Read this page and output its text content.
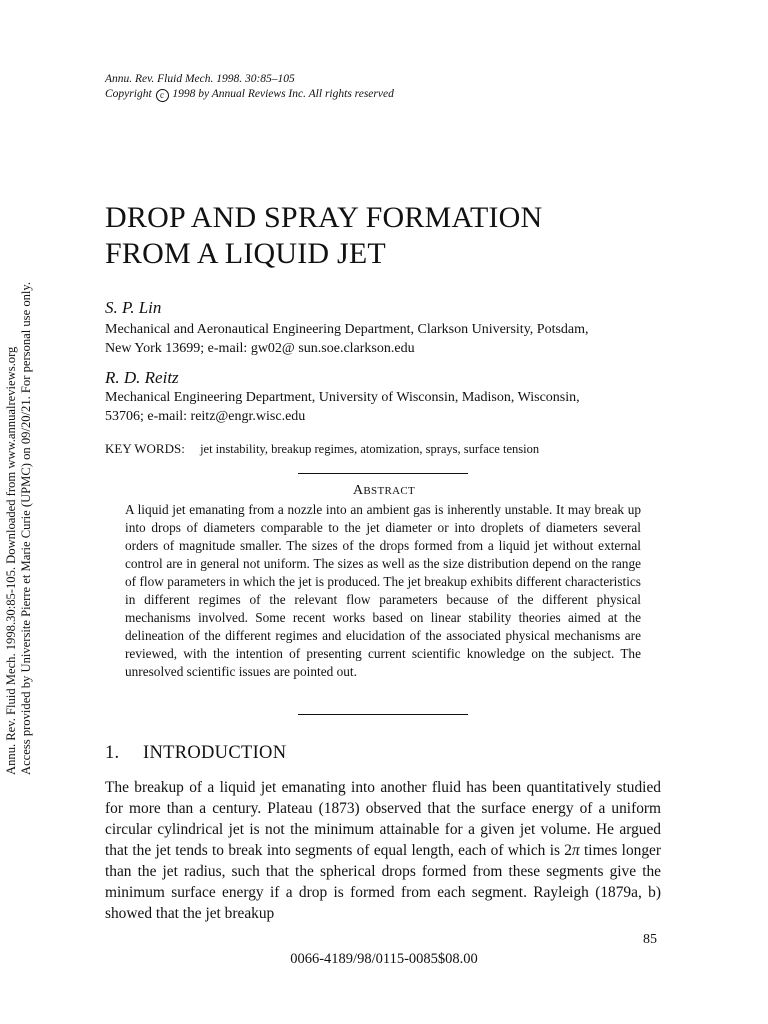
Annu. Rev. Fluid Mech. 1998.30:85-105. Downloaded from www.annualreviews.org Access provided by Universite Pierre et Marie Curie (UPMC) on 09/20/21. For personal use only.
Annu. Rev. Fluid Mech. 1998. 30:85–105
Copyright c 1998 by Annual Reviews Inc. All rights reserved
DROP AND SPRAY FORMATION
FROM A LIQUID JET
S. P. Lin
Mechanical and Aeronautical Engineering Department, Clarkson University, Potsdam,
New York 13699; e-mail: gw02@ sun.soe.clarkson.edu
R. D. Reitz
Mechanical Engineering Department, University of Wisconsin, Madison, Wisconsin,
53706; e-mail: reitz@engr.wisc.edu
KEY WORDS: jet instability, breakup regimes, atomization, sprays, surface tension
ABSTRACT
A liquid jet emanating from a nozzle into an ambient gas is inherently unstable. It may break up into drops of diameters comparable to the jet diameter or into droplets of diameters several orders of magnitude smaller. The sizes of the drops formed from a liquid jet without external control are in general not uniform. The sizes as well as the size distribution depend on the range of flow parameters in which the jet is produced. The jet breakup exhibits different characteristics in different regimes of the relevant flow parameters because of the different physical mechanisms involved. Some recent works based on linear stability theories aimed at the delineation of the different regimes and elucidation of the associated physical mechanisms are reviewed, with the intention of presenting current scientific knowledge on the subject. The unresolved scientific issues are pointed out.
1. INTRODUCTION
The breakup of a liquid jet emanating into another fluid has been quantitatively studied for more than a century. Plateau (1873) observed that the surface energy of a uniform circular cylindrical jet is not the minimum attainable for a given jet volume. He argued that the jet tends to break into segments of equal length, each of which is 2π times longer than the jet radius, such that the spherical drops formed from these segments give the minimum surface energy if a drop is formed from each segment. Rayleigh (1879a, b) showed that the jet breakup
85
0066-4189/98/0115-0085$08.00
